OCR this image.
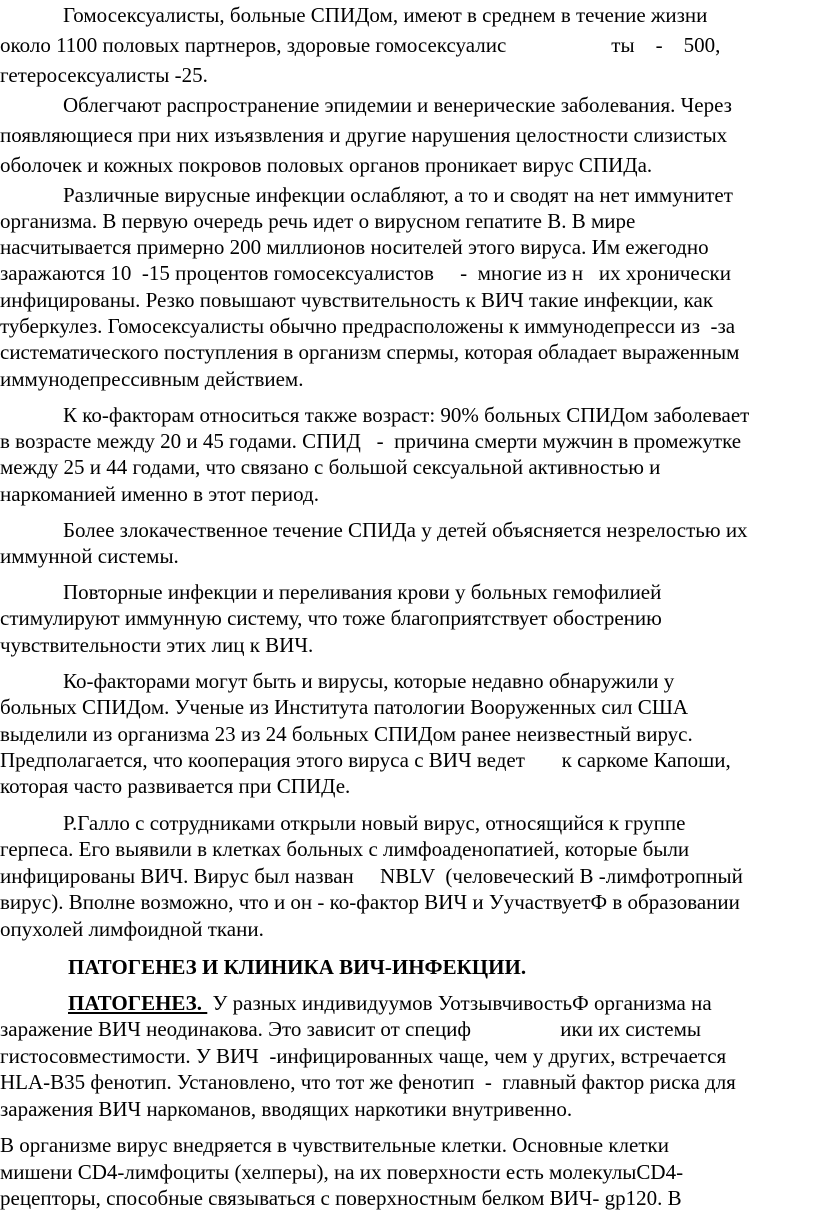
Гомосексуалисты, больные СПИДом, имеют в среднем в течение жизни
около 1100 половых партнеров, здоровые гомосексуалис                    ты    -    500,
гетеросексуалисты -25.
Облегчают распространение эпидемии и венерические заболевания. Через
появляющиеся при них изъязвления и другие нарушения целостности слизистых
оболочек и кожных покровов половых органов проникает вирус СПИДа.
Различные вирусные инфекции ослабляют, а то и сводят на нет иммунитет
организма. В первую очередь речь идет о вирусном гепатите В. В мире
насчитывается примерно 200 миллионов носителей этого вируса. Им ежегодно
заражаются 10  -15 процентов гомосексуалистов     -  многие из н   их хронически
инфицированы. Резко повышают чувствительность к ВИЧ такие инфекции, как
туберкулез. Гомосексуалисты обычно предрасположены к иммунодепресси из  -за
систематического поступления в организм спермы, которая обладает выраженным
иммунодепрессивным действием.
К ко-факторам относиться также возраст: 90% больных СПИДом заболевает
в возрасте между 20 и 45 годами. СПИД   -  причина смерти мужчин в промежутке
между 25 и 44 годами, что связано с большой сексуальной активностью и
наркоманией именно в этот период.
Более злокачественное течение СПИДа у детей объясняется незрелостью их
иммунной системы.
Повторные инфекции и переливания крови у больных гемофилией
стимулируют иммунную систему, что тоже благоприятствует обострению
чувствительности этих лиц к ВИЧ.
Ко-факторами могут быть и вирусы, которые недавно обнаружили у
больных СПИДом. Ученые из Института патологии Вооруженных сил США
выделили из организма 23 из 24 больных СПИДом ранее неизвестный вирус.
Предполагается, что кооперация этого вируса с ВИЧ ведет       к саркоме Капоши,
которая часто развивается при СПИДе.
Р.Галло с сотрудниками открыли новый вирус, относящийся к группе
герпеса. Его выявили в клетках больных с лимфоаденопатией, которые были
инфицированы ВИЧ. Вирус был назван     NBLV  (человеческий В -лимфотропный
вирус). Вполне возможно, что и он - ко-фактор ВИЧ и УучаствуетФ в образовании
опухолей лимфоидной ткани.
ПАТОГЕНЕЗ И КЛИНИКА ВИЧ-ИНФЕКЦИИ.
ПАТОГЕНЕЗ.  У разных индивидуумов УотзывчивостьФ организма на
заражение ВИЧ неодинакова. Это зависит от специф                 ики их системы
гистосовместимости. У ВИЧ  -инфицированных чаще, чем у других, встречается
HLA-B35 фенотип. Установлено, что тот же фенотип  -  главный фактор риска для
заражения ВИЧ наркоманов, вводящих наркотики внутривенно.
В организме вирус внедряется в чувствительные клетки. Основные клетки
мишени CD4-лимфоциты (хелперы), на их поверхности есть молекулыCD4-
рецепторы, способные связываться с поверхностным белком ВИЧ- gp120. В
